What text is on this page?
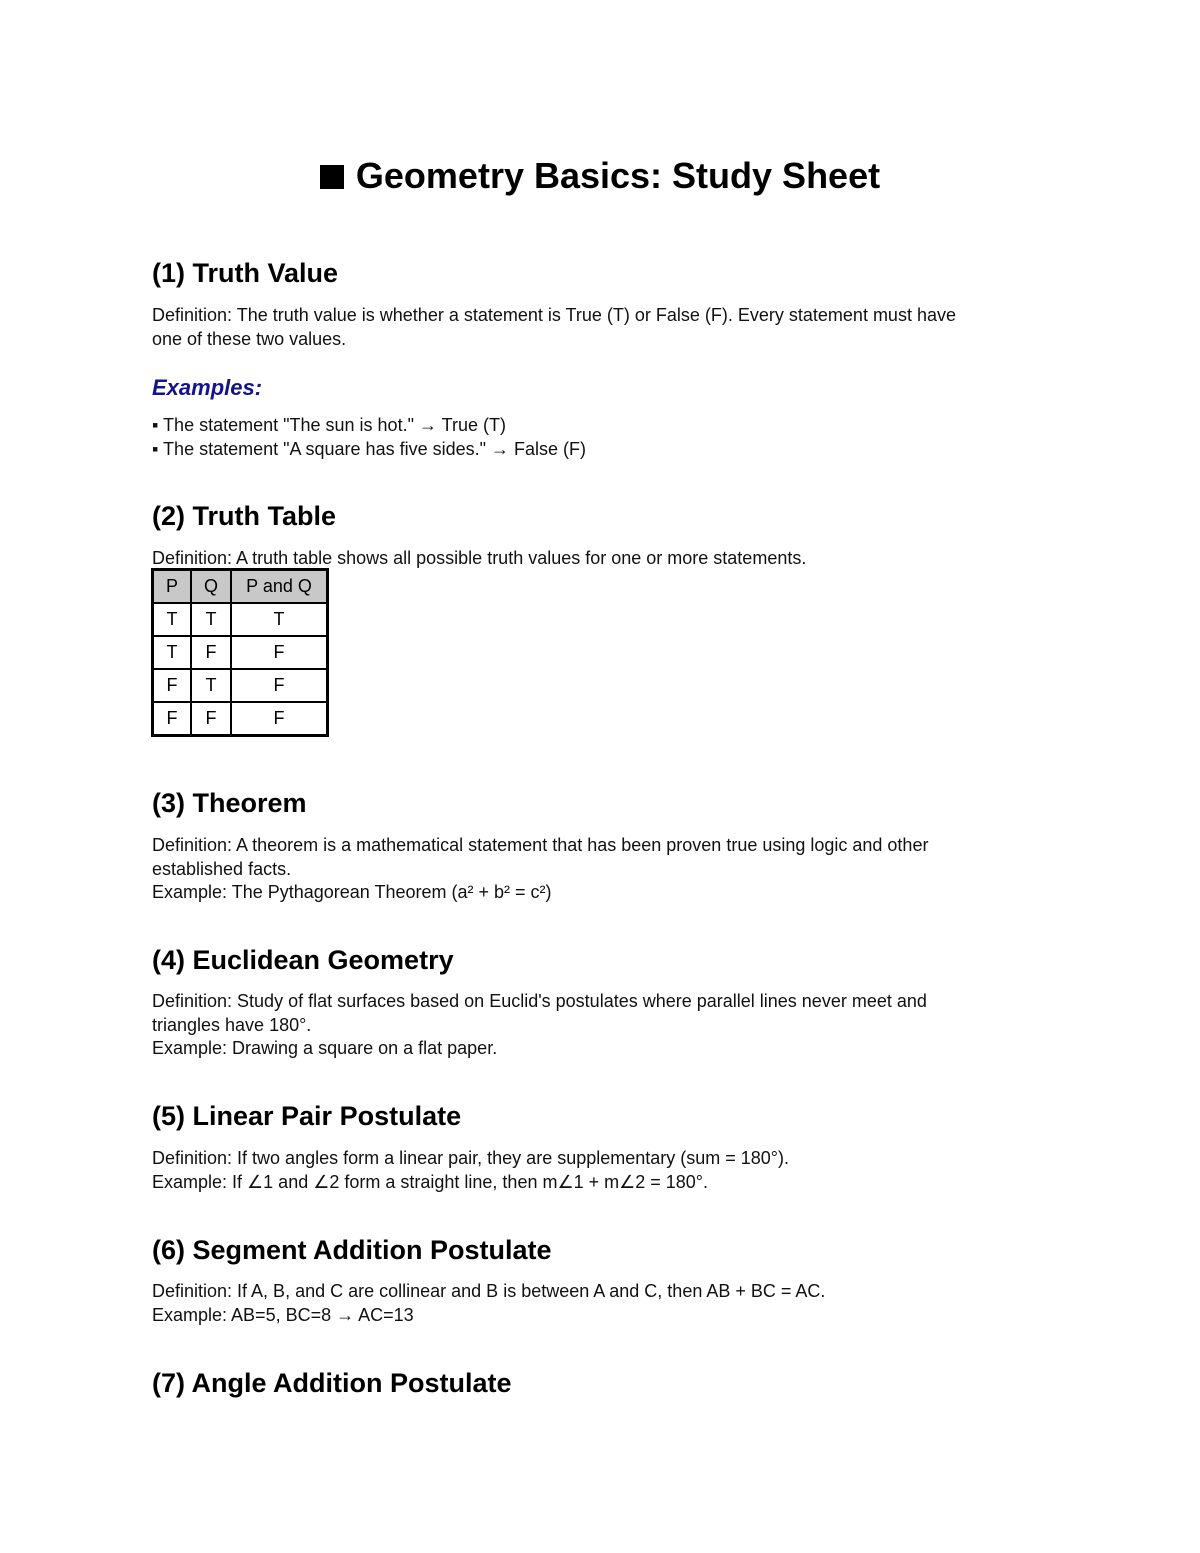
Geometry Basics: Study Sheet
(1) Truth Value
Definition: The truth value is whether a statement is True (T) or False (F). Every statement must have
one of these two values.
Examples:
▪ The statement "The sun is hot." → True (T)
▪ The statement "A square has five sides." → False (F)
(2) Truth Table
Definition: A truth table shows all possible truth values for one or more statements.
P	Q	P and Q
T	T	T
T	F	F
F	T	F
F	F	F
(3) Theorem
Definition: A theorem is a mathematical statement that has been proven true using logic and other
established facts.
Example: The Pythagorean Theorem (a² + b² = c²)
(4) Euclidean Geometry
Definition: Study of flat surfaces based on Euclid's postulates where parallel lines never meet and
triangles have 180°.
Example: Drawing a square on a flat paper.
(5) Linear Pair Postulate
Definition: If two angles form a linear pair, they are supplementary (sum = 180°).
Example: If ∠1 and ∠2 form a straight line, then m∠1 + m∠2 = 180°.
(6) Segment Addition Postulate
Definition: If A, B, and C are collinear and B is between A and C, then AB + BC = AC.
Example: AB=5, BC=8 → AC=13
(7) Angle Addition Postulate
